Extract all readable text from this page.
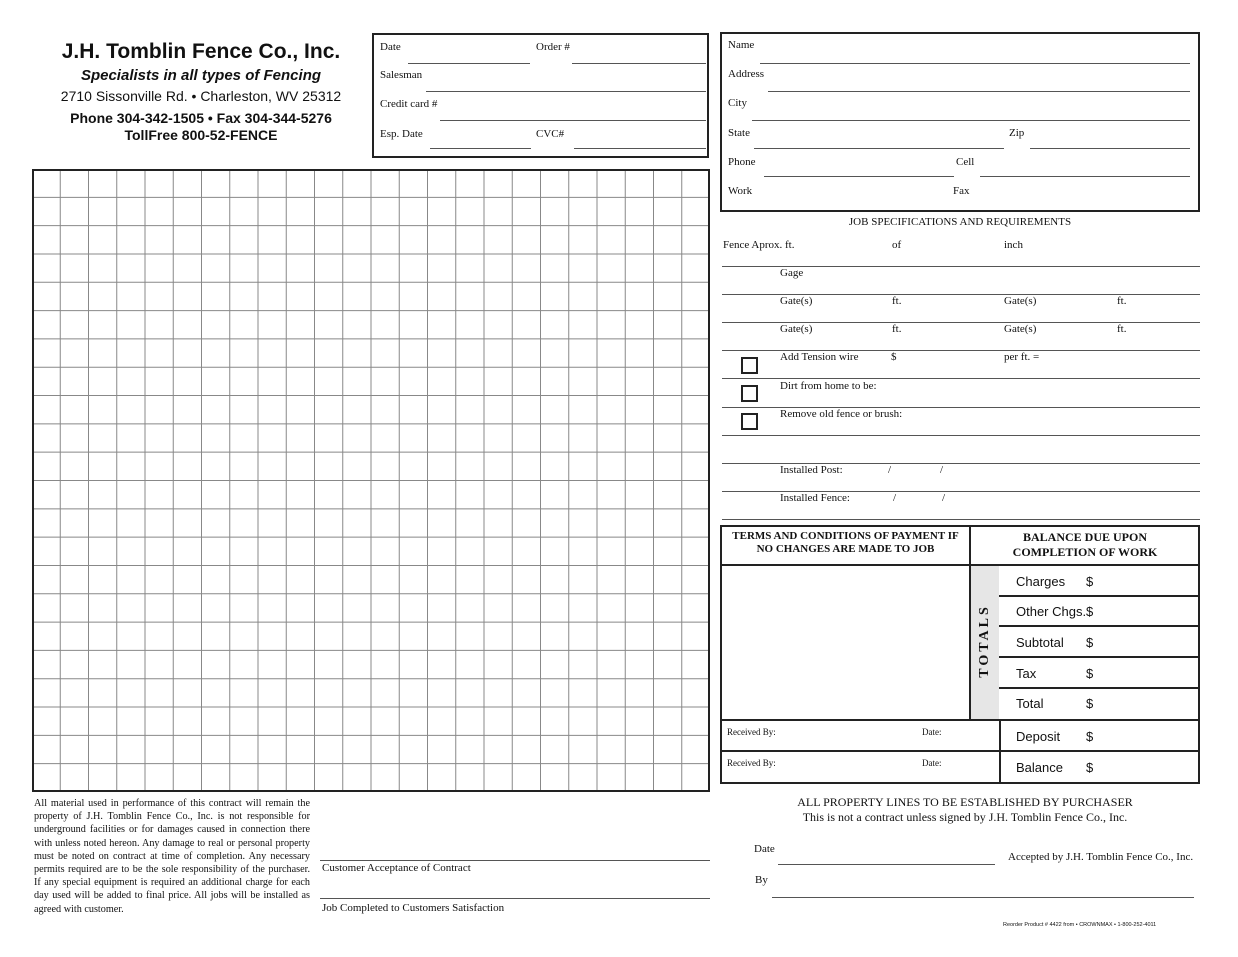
J.H. Tomblin Fence Co., Inc.
Specialists in all types of Fencing
2710 Sissonville Rd. • Charleston, WV 25312
Phone 304-342-1505 • Fax 304-344-5276
TollFree 800-52-FENCE
Date	Order #
Salesman
Credit card #
Esp. Date	CVC#
Name
Address
City
State	Zip
Phone	Cell
Work	Fax
JOB SPECIFICATIONS AND REQUIREMENTS
Fence Aprox. ft.	of	inch
Gage
Gate(s)	ft.	Gate(s)	ft.
Gate(s)	ft.	Gate(s)	ft.
Add Tension wire	$	per ft. =
Dirt from home to be:
Remove old fence or brush:
Installed Post:	/	/
Installed Fence:	/	/
TERMS AND CONDITIONS OF PAYMENT IF NO CHANGES ARE MADE TO JOB
BALANCE DUE UPON COMPLETION OF WORK
TOTALS
Charges $
Other Chgs. $
Subtotal $
Tax	$
Total	$
Received By:	Date:
Received By:	Date:
Deposit $
Balance $
All material used in performance of this contract will remain the property of J.H. Tomblin Fence Co., Inc. is not responsible for underground facilities or for damages caused in connection there with unless noted hereon. Any damage to real or personal property must be noted on contract at time of completion. Any necessary permits required are to be the sole responsibility of the purchaser. If any special equipment is required an additional charge for each day used will be added to final price. All jobs will be installed as agreed with customer.
Customer Acceptance of Contract
Job Completed to Customers Satisfaction
ALL PROPERTY LINES TO BE ESTABLISHED BY PURCHASER
This is not a contract unless signed by J.H. Tomblin Fence Co., Inc.
Date
Accepted by J.H. Tomblin Fence Co., Inc.
By
Reorder Product # 4422 from • CROWNMAX • 1-800-252-4011
